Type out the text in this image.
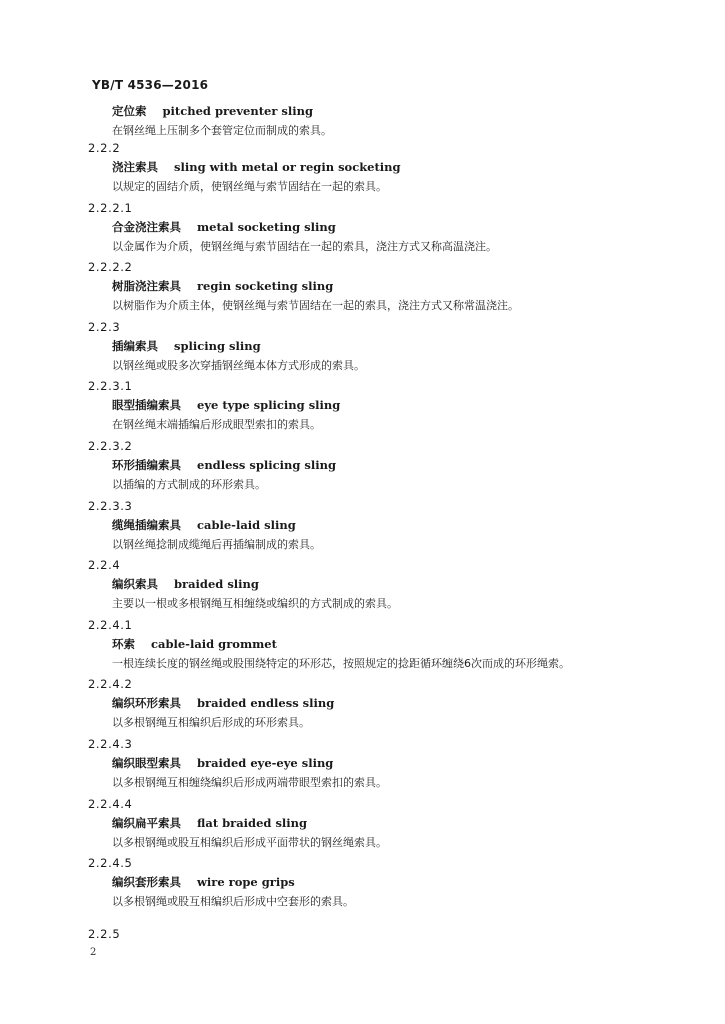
YB/T 4536—2016
定位索 pitched preventer sling
在钢丝绳上压制多个套管定位而制成的索具。
2.2.2
浇注索具 sling with metal or regin socketing
以规定的固结介质，使钢丝绳与索节固结在一起的索具。
2.2.2.1
合金浇注索具 metal socketing sling
以金属作为介质，使钢丝绳与索节固结在一起的索具，浇注方式又称高温浇注。
2.2.2.2
树脂浇注索具 regin socketing sling
以树脂作为介质主体，使钢丝绳与索节固结在一起的索具，浇注方式又称常温浇注。
2.2.3
插编索具 splicing sling
以钢丝绳或股多次穿插钢丝绳本体方式形成的索具。
2.2.3.1
眼型插编索具 eye type splicing sling
在钢丝绳末端插编后形成眼型索扣的索具。
2.2.3.2
环形插编索具 endless splicing sling
以插编的方式制成的环形索具。
2.2.3.3
缆绳插编索具 cable-laid sling
以钢丝绳捻制成缆绳后再插编制成的索具。
2.2.4
编织索具 braided sling
主要以一根或多根钢绳互相缠绕或编织的方式制成的索具。
2.2.4.1
环索 cable-laid grommet
一根连续长度的钢丝绳或股围绕特定的环形芯，按照规定的捻距循环缠绕6次而成的环形绳索。
2.2.4.2
编织环形索具 braided endless sling
以多根钢绳互相编织后形成的环形索具。
2.2.4.3
编织眼型索具 braided eye-eye sling
以多根钢绳互相缠绕编织后形成两端带眼型索扣的索具。
2.2.4.4
编织扁平索具 flat braided sling
以多根钢绳或股互相编织后形成平面带状的钢丝绳索具。
2.2.4.5
编织套形索具 wire rope grips
以多根钢绳或股互相编织后形成中空套形的索具。
2.2.5
2
